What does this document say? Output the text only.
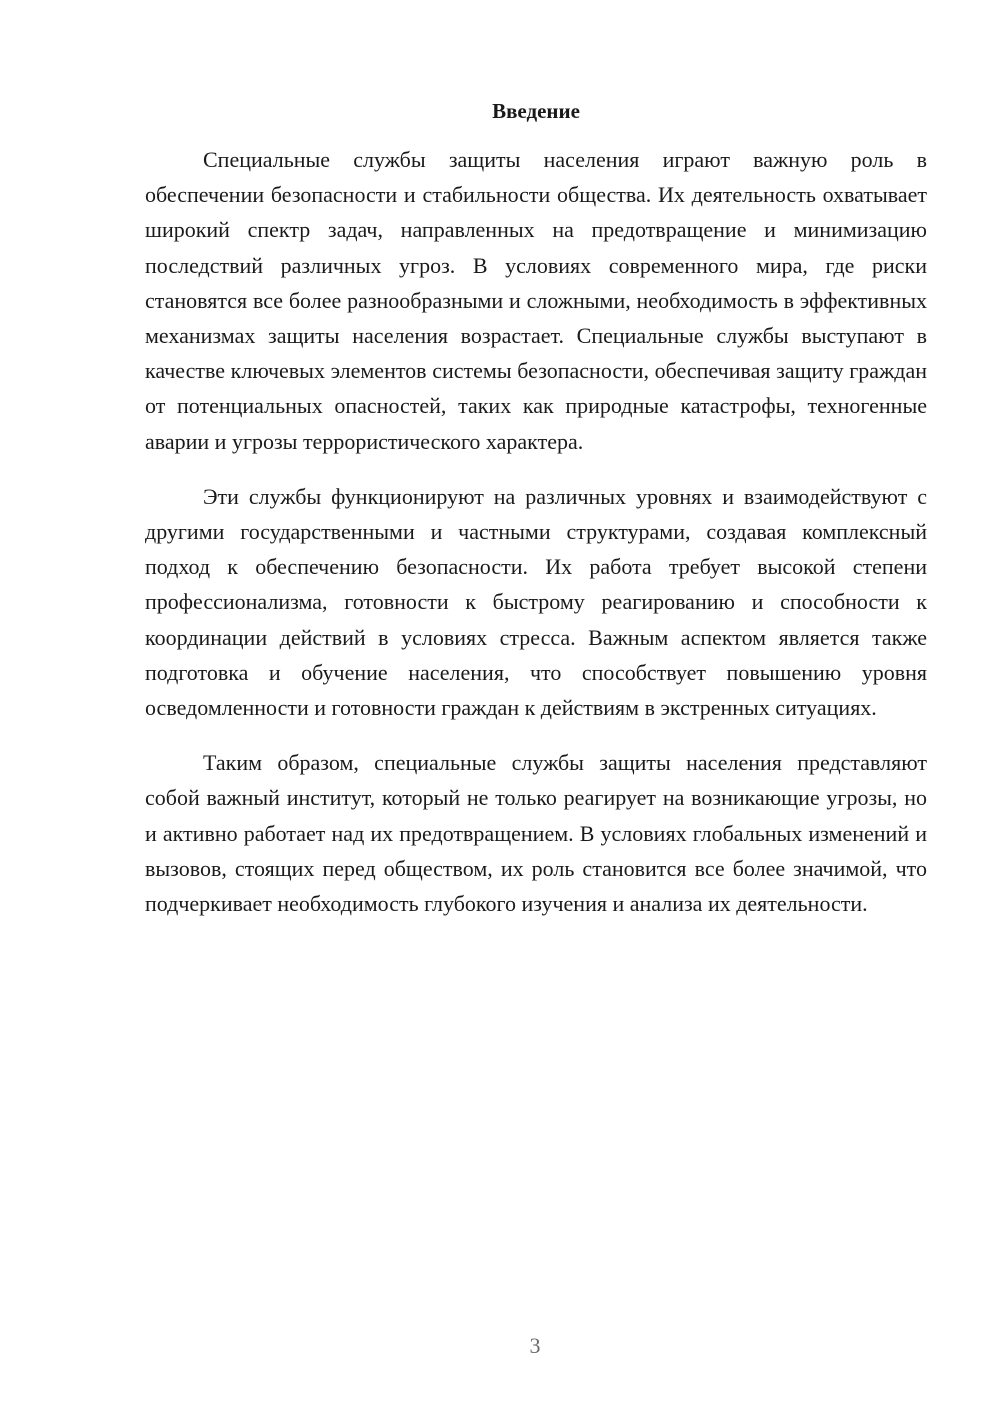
Введение

Специальные службы защиты населения играют важную роль в обеспечении безопасности и стабильности общества. Их деятельность охватывает широкий спектр задач, направленных на предотвращение и минимизацию последствий различных угроз. В условиях современного мира, где риски становятся все более разнообразными и сложными, необходимость в эффективных механизмах защиты населения возрастает. Специальные службы выступают в качестве ключевых элементов системы безопасности, обеспечивая защиту граждан от потенциальных опасностей, таких как природные катастрофы, техногенные аварии и угрозы террористического характера.

Эти службы функционируют на различных уровнях и взаимодействуют с другими государственными и частными структурами, создавая комплексный подход к обеспечению безопасности. Их работа требует высокой степени профессионализма, готовности к быстрому реагированию и способности к координации действий в условиях стресса. Важным аспектом является также подготовка и обучение населения, что способствует повышению уровня осведомленности и готовности граждан к действиям в экстренных ситуациях.

Таким образом, специальные службы защиты населения представляют собой важный институт, который не только реагирует на возникающие угрозы, но и активно работает над их предотвращением. В условиях глобальных изменений и вызовов, стоящих перед обществом, их роль становится все более значимой, что подчеркивает необходимость глубокого изучения и анализа их деятельности.

3
